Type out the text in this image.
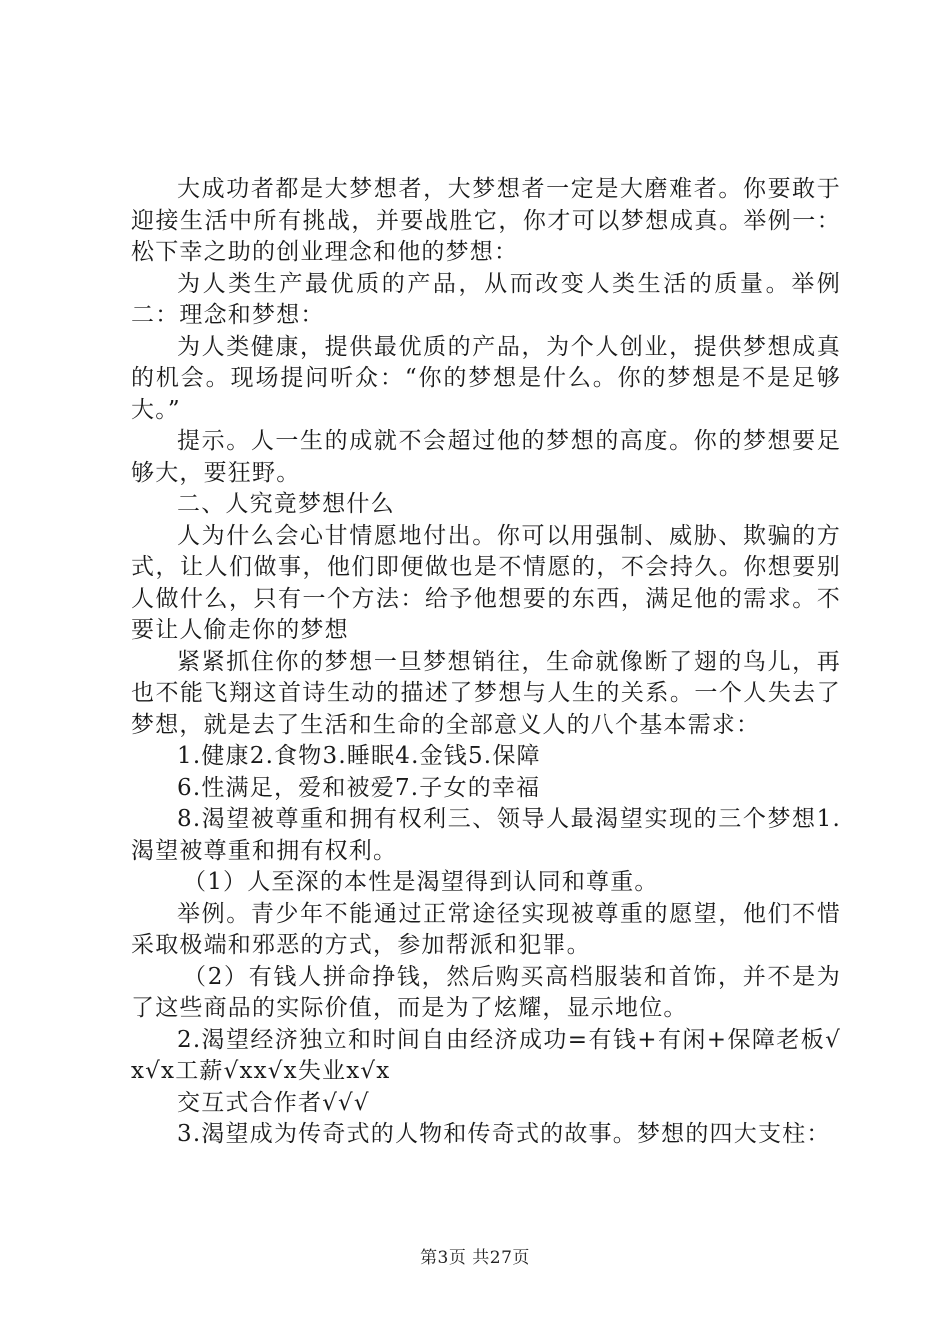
大成功者都是大梦想者，大梦想者一定是大磨难者。你要敢于迎接生活中所有挑战，并要战胜它，你才可以梦想成真。举例一：松下幸之助的创业理念和他的梦想：

为人类生产最优质的产品，从而改变人类生活的质量。举例二：理念和梦想：

为人类健康，提供最优质的产品，为个人创业，提供梦想成真的机会。现场提问听众：“你的梦想是什么。你的梦想是不是足够大。”

提示。人一生的成就不会超过他的梦想的高度。你的梦想要足够大，要狂野。

二、人究竟梦想什么

人为什么会心甘情愿地付出。你可以用强制、威胁、欺骗的方式，让人们做事，他们即便做也是不情愿的，不会持久。你想要别人做什么，只有一个方法：给予他想要的东西，满足他的需求。不要让人偷走你的梦想

紧紧抓住你的梦想一旦梦想销往，生命就像断了翅的鸟儿，再也不能飞翔这首诗生动的描述了梦想与人生的关系。一个人失去了梦想，就是去了生活和生命的全部意义人的八个基本需求：

1.健康2.食物3.睡眠4.金钱5.保障

6.性满足，爱和被爱7.子女的幸福

8.渴望被尊重和拥有权利三、领导人最渴望实现的三个梦想1.渴望被尊重和拥有权利。

（1）人至深的本性是渴望得到认同和尊重。

举例。青少年不能通过正常途径实现被尊重的愿望，他们不惜采取极端和邪恶的方式，参加帮派和犯罪。

（2）有钱人拼命挣钱，然后购买高档服装和首饰，并不是为了这些商品的实际价值，而是为了炫耀，显示地位。

2.渴望经济独立和时间自由经济成功=有钱+有闲+保障老板√x√x工薪√xx√x失业x√x

交互式合作者√√√

3.渴望成为传奇式的人物和传奇式的故事。梦想的四大支柱：

第3页 共27页
